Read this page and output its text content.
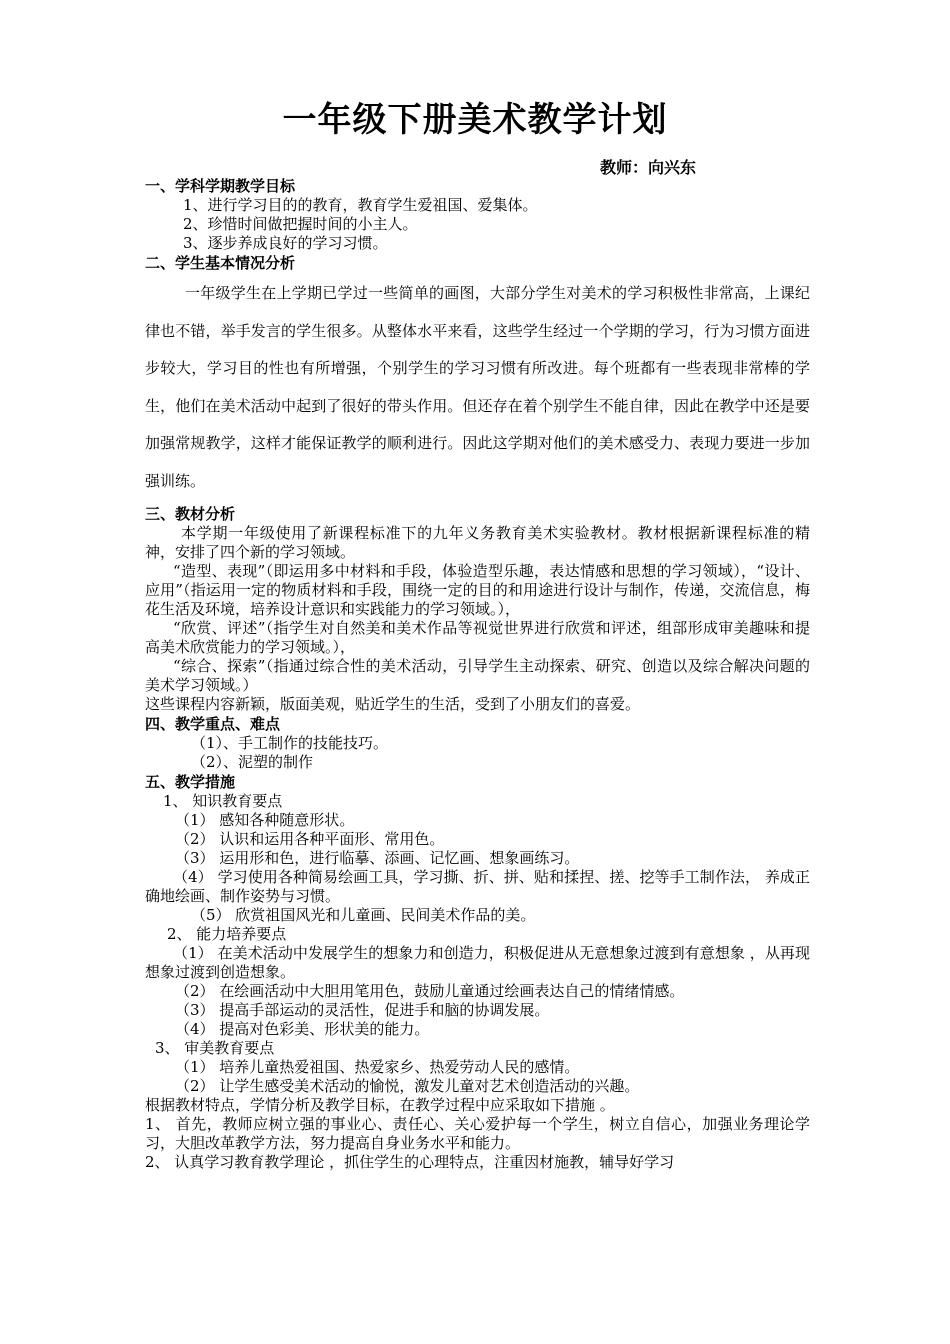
一年级下册美术教学计划
教师：向兴东
一、学科学期教学目标
1、进行学习目的的教育，教育学生爱祖国、爱集体。
2、珍惜时间做把握时间的小主人。
3、逐步养成良好的学习习惯。
二、学生基本情况分析
一年级学生在上学期已学过一些简单的画图，大部分学生对美术的学习积极性非常高，上课纪律也不错，举手发言的学生很多。从整体水平来看，这些学生经过一个学期的学习，行为习惯方面进步较大，学习目的性也有所增强，个别学生的学习习惯有所改进。每个班都有一些表现非常棒的学生，他们在美术活动中起到了很好的带头作用。但还存在着个别学生不能自律，因此在教学中还是要加强常规教学，这样才能保证教学的顺利进行。因此这学期对他们的美术感受力、表现力要进一步加强训练。
三、教材分析
本学期一年级使用了新课程标准下的九年义务教育美术实验教材。教材根据新课程标准的精神，安排了四个新的学习领域。
“造型、表现”（即运用多中材料和手段，体验造型乐趣，表达情感和思想的学习领域），“设计、应用”（指运用一定的物质材料和手段，围绕一定的目的和用途进行设计与制作，传递，交流信息，梅花生活及环境，培养设计意识和实践能力的学习领域。），
“欣赏、评述”（指学生对自然美和美术作品等视觉世界进行欣赏和评述，组部形成审美趣味和提高美术欣赏能力的学习领域。），
“综合、探索”（指通过综合性的美术活动，引导学生主动探索、研究、创造以及综合解决问题的美术学习领域。）
这些课程内容新颖，版面美观，贴近学生的生活，受到了小朋友们的喜爱。
四、教学重点、难点
（1）、手工制作的技能技巧。
（2）、泥塑的制作
五、教学措施
1、 知识教育要点
（1） 感知各种随意形状。
（2） 认识和运用各种平面形、常用色。
（3） 运用形和色，进行临摹、添画、记忆画、想象画练习。
（4） 学习使用各种简易绘画工具，学习撕、折、拼、贴和揉捏、搓、挖等手工制作法， 养成正确地绘画、制作姿势与习惯。
（5） 欣赏祖国风光和儿童画、民间美术作品的美。
2、 能力培养要点
（1） 在美术活动中发展学生的想象力和创造力，积极促进从无意想象过渡到有意想象 ，从再现想象过渡到创造想象。
（2） 在绘画活动中大胆用笔用色，鼓励儿童通过绘画表达自己的情绪情感。
（3） 提高手部运动的灵活性，促进手和脑的协调发展。
（4） 提高对色彩美、形状美的能力。
3、 审美教育要点
（1） 培养儿童热爱祖国、热爱家乡、热爱劳动人民的感情。
（2） 让学生感受美术活动的愉悦，激发儿童对艺术创造活动的兴趣。
根据教材特点，学情分析及教学目标，在教学过程中应采取如下措施 。
1、 首先，教师应树立强的事业心、责任心、关心爱护每一个学生，树立自信心，加强业务理论学习，大胆改革教学方法，努力提高自身业务水平和能力。
2、 认真学习教育教学理论 ，抓住学生的心理特点，注重因材施教，辅导好学习
